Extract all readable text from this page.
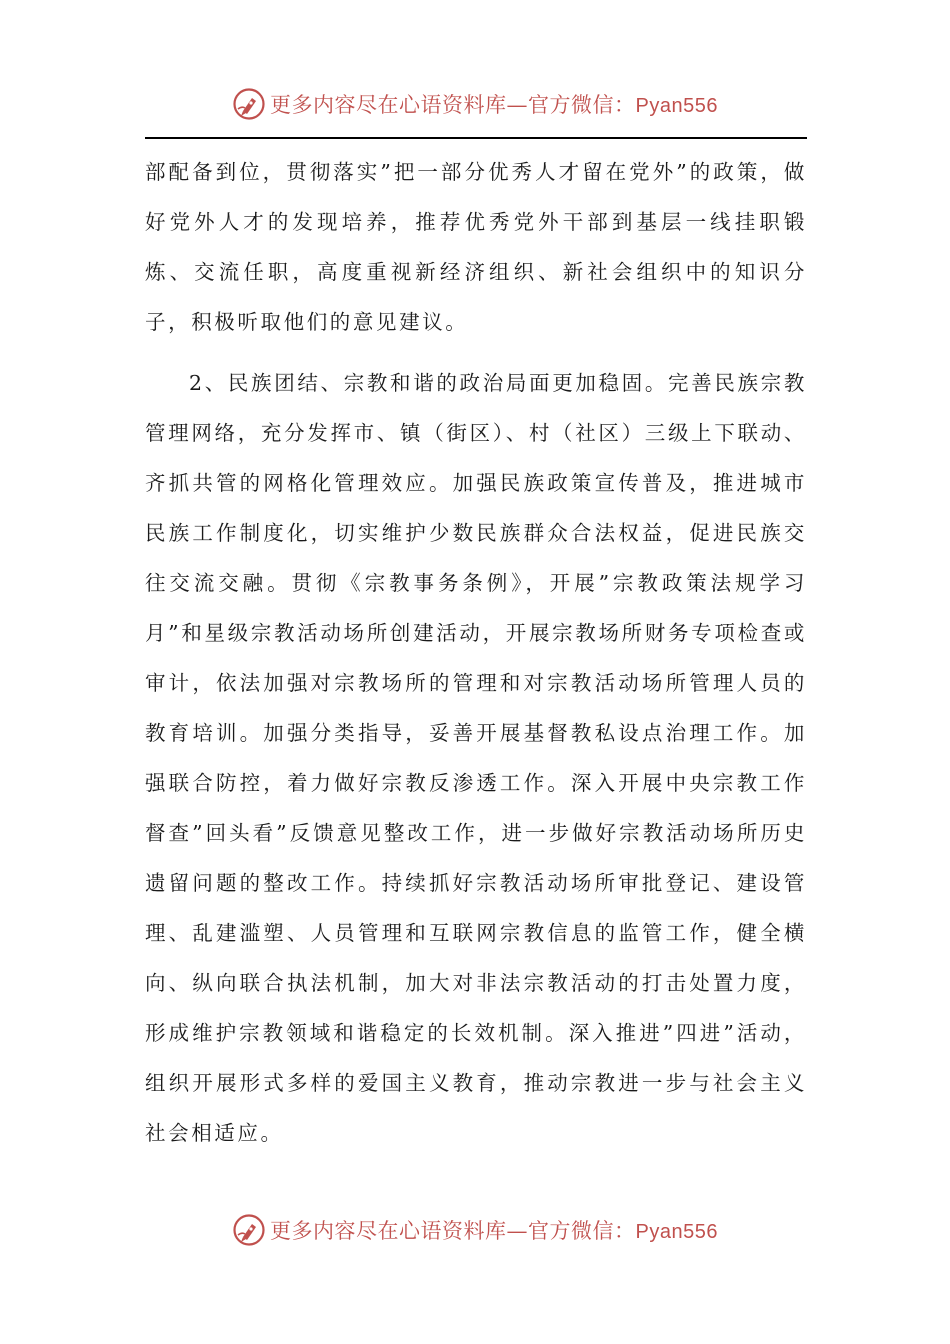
更多内容尽在心语资料库—官方微信：Pyan556

部配备到位，贯彻落实”把一部分优秀人才留在党外”的政策，做好党外人才的发现培养，推荐优秀党外干部到基层一线挂职锻炼、交流任职，高度重视新经济组织、新社会组织中的知识分子，积极听取他们的意见建议。

2、民族团结、宗教和谐的政治局面更加稳固。完善民族宗教管理网络，充分发挥市、镇（街区）、村（社区）三级上下联动、齐抓共管的网格化管理效应。加强民族政策宣传普及，推进城市民族工作制度化，切实维护少数民族群众合法权益，促进民族交往交流交融。贯彻《宗教事务条例》，开展”宗教政策法规学习月”和星级宗教活动场所创建活动，开展宗教场所财务专项检查或审计，依法加强对宗教场所的管理和对宗教活动场所管理人员的教育培训。加强分类指导，妥善开展基督教私设点治理工作。加强联合防控，着力做好宗教反渗透工作。深入开展中央宗教工作督查”回头看”反馈意见整改工作，进一步做好宗教活动场所历史遗留问题的整改工作。持续抓好宗教活动场所审批登记、建设管理、乱建滥塑、人员管理和互联网宗教信息的监管工作，健全横向、纵向联合执法机制，加大对非法宗教活动的打击处置力度，形成维护宗教领域和谐稳定的长效机制。深入推进”四进”活动，组织开展形式多样的爱国主义教育，推动宗教进一步与社会主义社会相适应。

更多内容尽在心语资料库—官方微信：Pyan556
